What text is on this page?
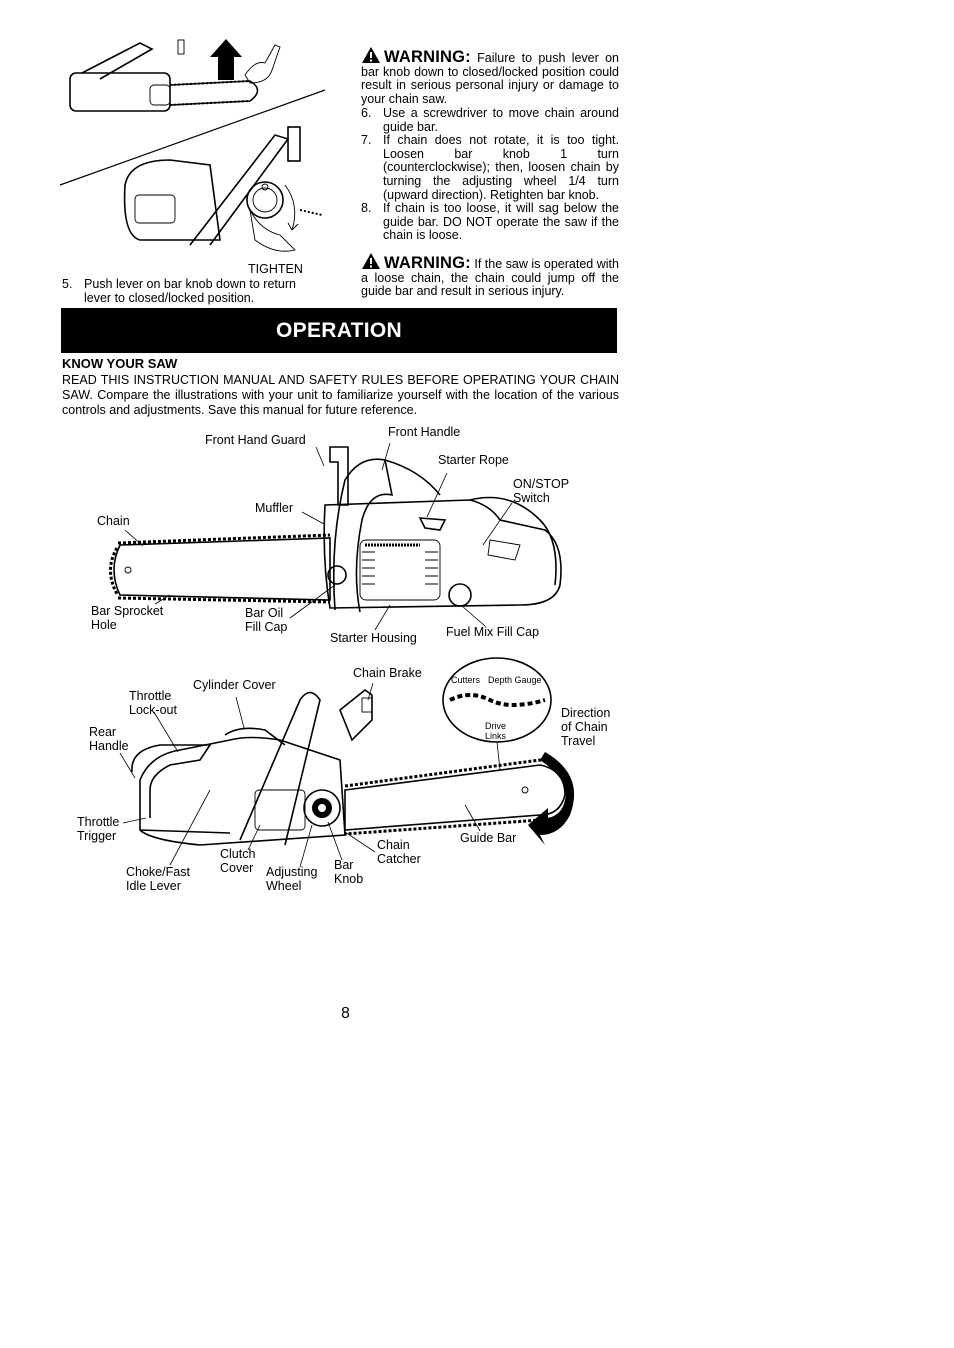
TIGHTEN
5. Push lever on bar knob down to return lever to closed/locked position.
WARNING: Failure to push lever on bar knob down to closed/locked position could result in serious personal injury or damage to your chain saw.
6. Use a screwdriver to move chain around guide bar.
7. If chain does not rotate, it is too tight. Loosen bar knob 1 turn (counterclockwise); then, loosen chain by turning the adjusting wheel 1/4 turn (upward direction). Retighten bar knob.
8. If chain is too loose, it will sag below the guide bar. DO NOT operate the saw if the chain is loose.
WARNING: If the saw is operated with a loose chain, the chain could jump off the guide bar and result in serious injury.
OPERATION
KNOW YOUR SAW
READ THIS INSTRUCTION MANUAL AND SAFETY RULES BEFORE OPERATING YOUR CHAIN SAW. Compare the illustrations with your unit to familiarize yourself with the location of the various controls and adjustments. Save this manual for future reference.
Front Hand Guard
Front Handle
Starter Rope
ON/STOP
Switch
Muffler
Chain
Bar Sprocket
Hole
Bar Oil
Fill Cap
Starter Housing Fuel Mix Fill Cap
Chain Brake
Cylinder Cover
Throttle
Lock-out
Rear
Handle
Throttle
Trigger
Choke/Fast
Idle Lever
Clutch
Cover Adjusting
Wheel
Bar
Knob
Chain
Catcher
Guide Bar
Direction
of Chain
Travel
Cutters Depth Gauge
Drive
Links
8
